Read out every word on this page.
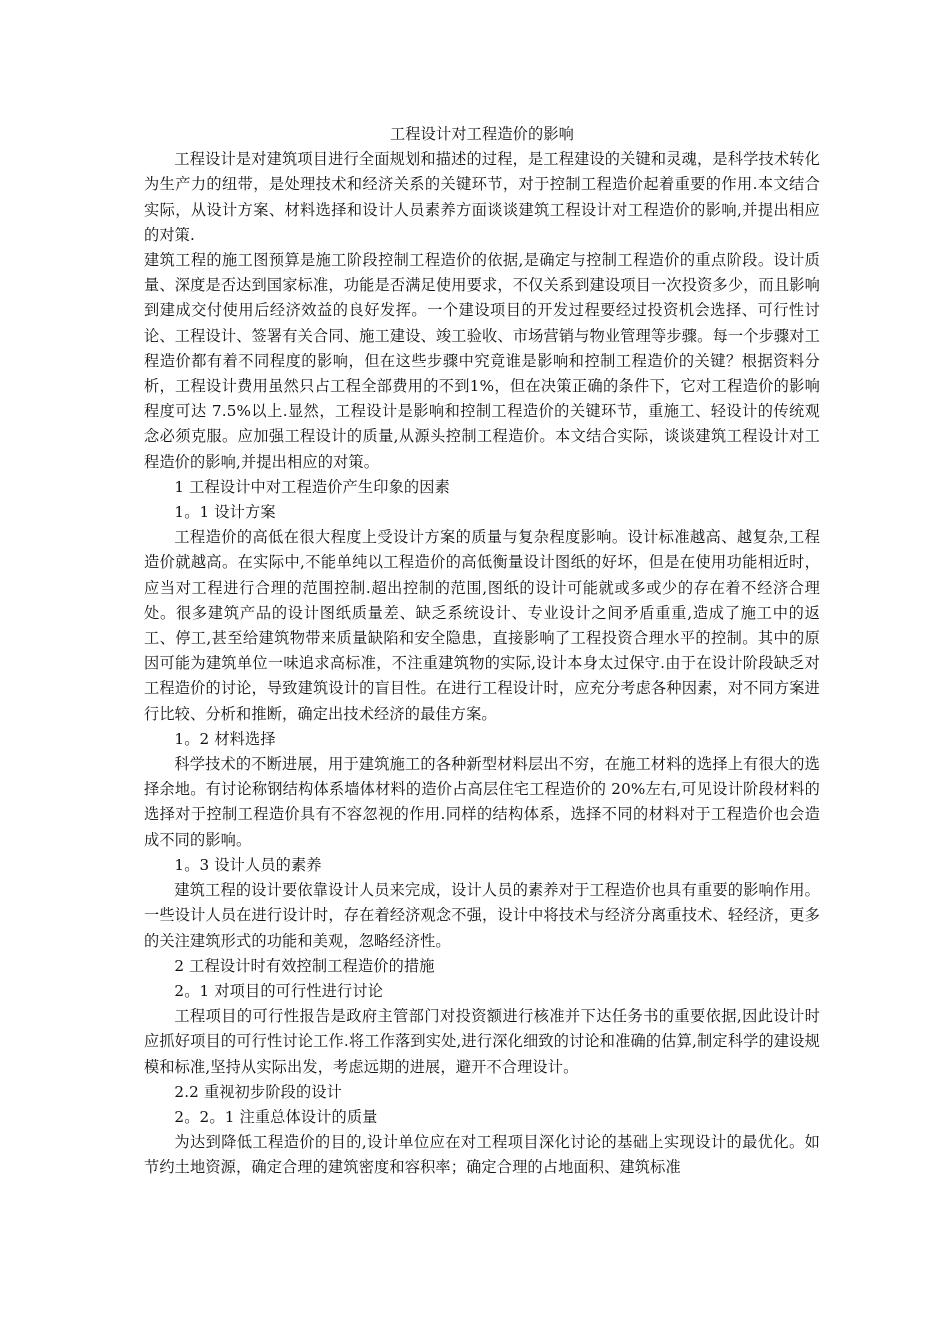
工程设计对工程造价的影响

工程设计是对建筑项目进行全面规划和描述的过程，是工程建设的关键和灵魂，是科学技术转化为生产力的纽带，是处理技术和经济关系的关键环节，对于控制工程造价起着重要的作用.本文结合实际，从设计方案、材料选择和设计人员素养方面谈谈建筑工程设计对工程造价的影响,并提出相应的对策.

建筑工程的施工图预算是施工阶段控制工程造价的依据,是确定与控制工程造价的重点阶段。设计质量、深度是否达到国家标准，功能是否满足使用要求，不仅关系到建设项目一次投资多少，而且影响到建成交付使用后经济效益的良好发挥。一个建设项目的开发过程要经过投资机会选择、可行性讨论、工程设计、签署有关合同、施工建设、竣工验收、市场营销与物业管理等步骤。每一个步骤对工程造价都有着不同程度的影响，但在这些步骤中究竟谁是影响和控制工程造价的关键？根据资料分析，工程设计费用虽然只占工程全部费用的不到1%，但在决策正确的条件下，它对工程造价的影响程度可达 7.5%以上.显然，工程设计是影响和控制工程造价的关键环节，重施工、轻设计的传统观念必须克服。应加强工程设计的质量,从源头控制工程造价。本文结合实际，谈谈建筑工程设计对工程造价的影响,并提出相应的对策。

1 工程设计中对工程造价产生印象的因素

1。1 设计方案

工程造价的高低在很大程度上受设计方案的质量与复杂程度影响。设计标准越高、越复杂,工程造价就越高。在实际中,不能单纯以工程造价的高低衡量设计图纸的好坏，但是在使用功能相近时，应当对工程进行合理的范围控制.超出控制的范围,图纸的设计可能就或多或少的存在着不经济合理处。很多建筑产品的设计图纸质量差、缺乏系统设计、专业设计之间矛盾重重,造成了施工中的返工、停工,甚至给建筑物带来质量缺陷和安全隐患，直接影响了工程投资合理水平的控制。其中的原因可能为建筑单位一味追求高标准，不注重建筑物的实际,设计本身太过保守.由于在设计阶段缺乏对工程造价的讨论，导致建筑设计的盲目性。在进行工程设计时，应充分考虑各种因素，对不同方案进行比较、分析和推断，确定出技术经济的最佳方案。

1。2 材料选择

科学技术的不断进展，用于建筑施工的各种新型材料层出不穷，在施工材料的选择上有很大的选择余地。有讨论称钢结构体系墙体材料的造价占高层住宅工程造价的 20%左右,可见设计阶段材料的选择对于控制工程造价具有不容忽视的作用.同样的结构体系，选择不同的材料对于工程造价也会造成不同的影响。

1。3 设计人员的素养

建筑工程的设计要依靠设计人员来完成，设计人员的素养对于工程造价也具有重要的影响作用。一些设计人员在进行设计时，存在着经济观念不强，设计中将技术与经济分离重技术、轻经济，更多的关注建筑形式的功能和美观，忽略经济性。

2 工程设计时有效控制工程造价的措施

2。1 对项目的可行性进行讨论

工程项目的可行性报告是政府主管部门对投资额进行核准并下达任务书的重要依据,因此设计时应抓好项目的可行性讨论工作.将工作落到实处,进行深化细致的讨论和准确的估算,制定科学的建设规模和标准,坚持从实际出发，考虑远期的进展，避开不合理设计。

2.2 重视初步阶段的设计

2。2。1 注重总体设计的质量

为达到降低工程造价的目的,设计单位应在对工程项目深化讨论的基础上实现设计的最优化。如节约土地资源，确定合理的建筑密度和容积率；确定合理的占地面积、建筑标准
